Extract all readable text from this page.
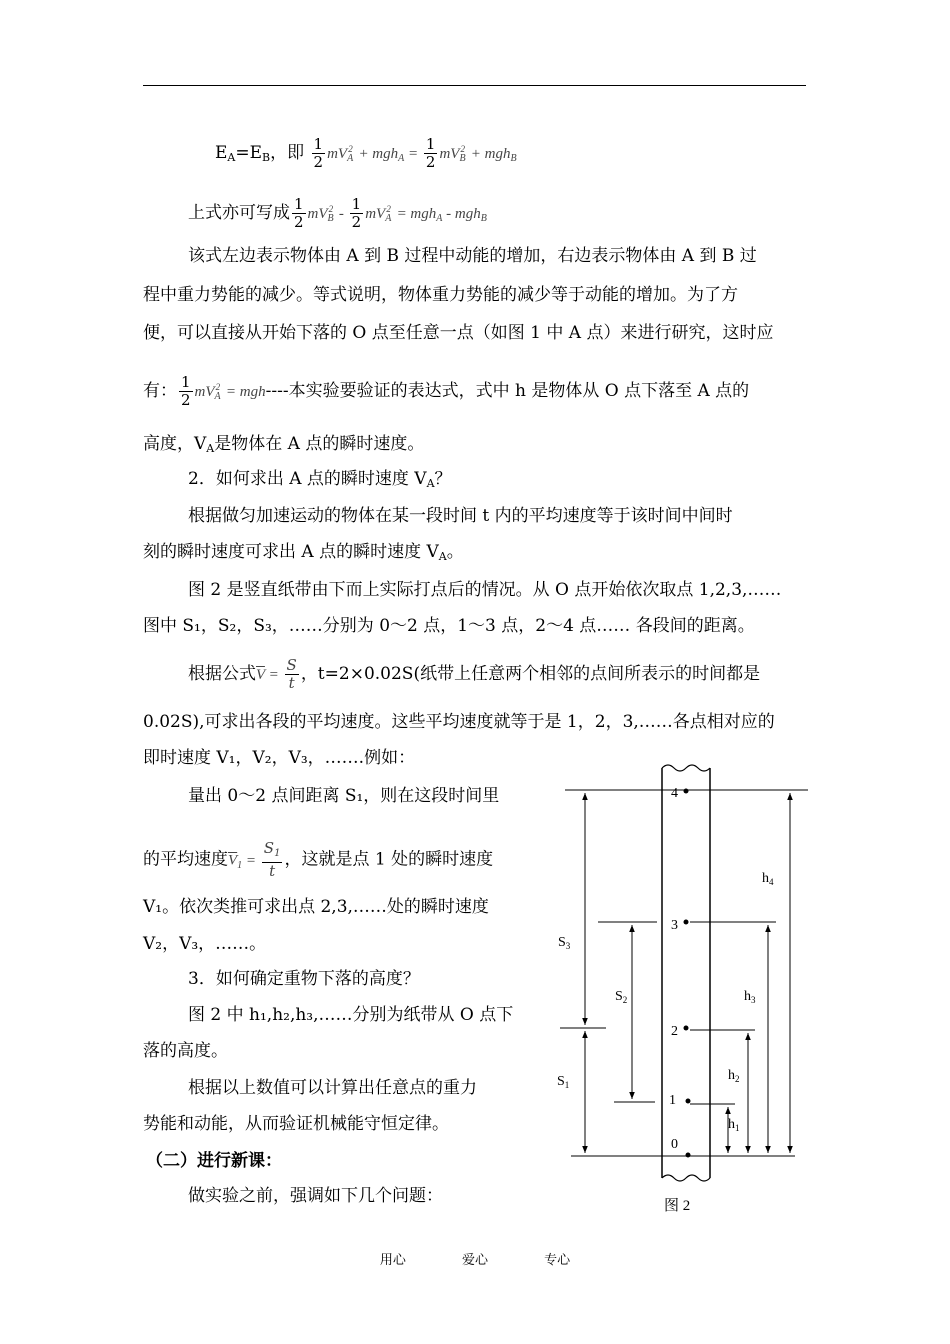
$E_A=E_B$，即 $\frac{1}{2} mV_A^2 + mgh_A = \frac{1}{2} mV_B^2 + mgh_B$
上式亦可写成 $\frac{1}{2} mV_B^2 - \frac{1}{2} mV_A^2 = mgh_A - mgh_B$
该式左边表示物体由 A 到 B 过程中动能的增加，右边表示物体由 A 到 B 过
程中重力势能的减少。等式说明，物体重力势能的减少等于动能的增加。为了方
便，可以直接从开始下落的 O 点至任意一点（如图 1 中 A 点）来进行研究，这时应
有： $\frac{1}{2} mV_A^2 = mgh----$本实验要验证的表达式，式中 h 是物体从 O 点下落至 A 点的
高度，$V_A$是物体在 A 点的瞬时速度。
2．如何求出 A 点的瞬时速度 $V_A$？
根据做匀加速运动的物体在某一段时间 t 内的平均速度等于该时间中间时
刻的瞬时速度可求出 A 点的瞬时速度 $V_A$。
图 2 是竖直纸带由下而上实际打点后的情况。从 O 点开始依次取点 1,2,3,……
图中 S₁，S₂，S₃，……分别为 0～2 点，1～3 点，2～4 点…… 各段间的距离。
根据公式$\overline{V} = \frac{S}{t}$ ，t=2×0.02S(纸带上任意两个相邻的点间所表示的时间都是
0.02S),可求出各段的平均速度。这些平均速度就等于是 1，2，3,……各点相对应的
即时速度 V₁，V₂，V₃，…….例如：
量出 0～2 点间距离 S₁，则在这段时间里
的平均速度$\overline{V}_1 = \frac{S_1}{t}$ ，这就是点 1 处的瞬时速度
V₁。依次类推可求出点 2,3,……处的瞬时速度
V₂，V₃，……。
3．如何确定重物下落的高度？
图 2 中 h₁,h₂,h₃,……分别为纸带从 O 点下
落的高度。
根据以上数值可以计算出任意点的重力
势能和动能，从而验证机械能守恒定律。
（二）进行新课：
做实验之前，强调如下几个问题：
4
3
2
1
0
$S_3$
$S_2$
$S_1$
$h_4$
$h_3$
$h_2$
$h_1$
图 2
用心	爱心	专心
